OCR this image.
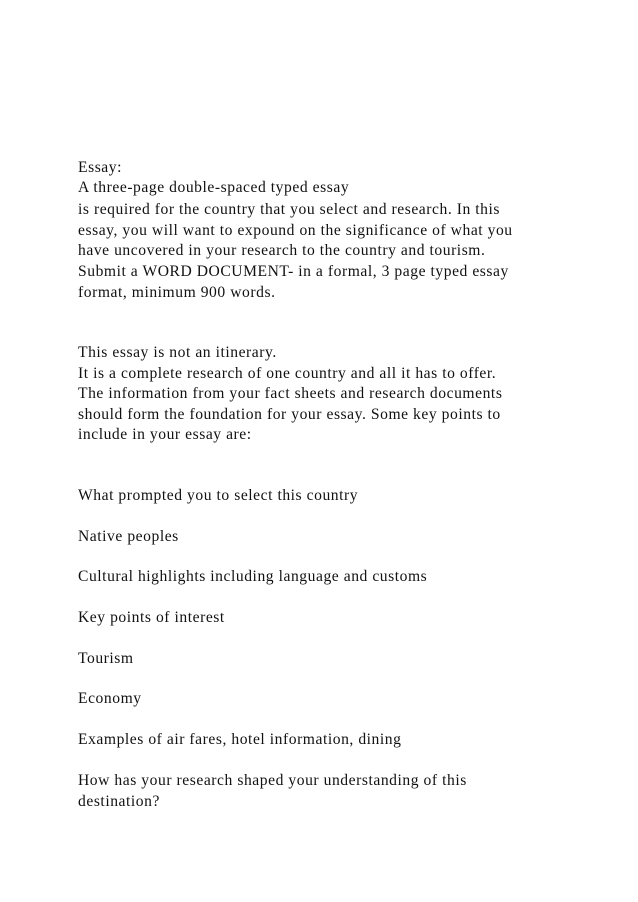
Essay:

A three-page double-spaced typed essay

is required for the country that you select and research. In this

essay, you will want to expound on the significance of what you

have uncovered in your research to the country and tourism.

Submit a WORD DOCUMENT- in a formal, 3 page typed essay

format, minimum 900 words.

This essay is not an itinerary.

It is a complete research of one country and all it has to offer.

The information from your fact sheets and research documents

should form the foundation for your essay. Some key points to

include in your essay are:

What prompted you to select this country

Native peoples

Cultural highlights including language and customs

Key points of interest

Tourism

Economy

Examples of air fares, hotel information, dining

How has your research shaped your understanding of this

destination?
